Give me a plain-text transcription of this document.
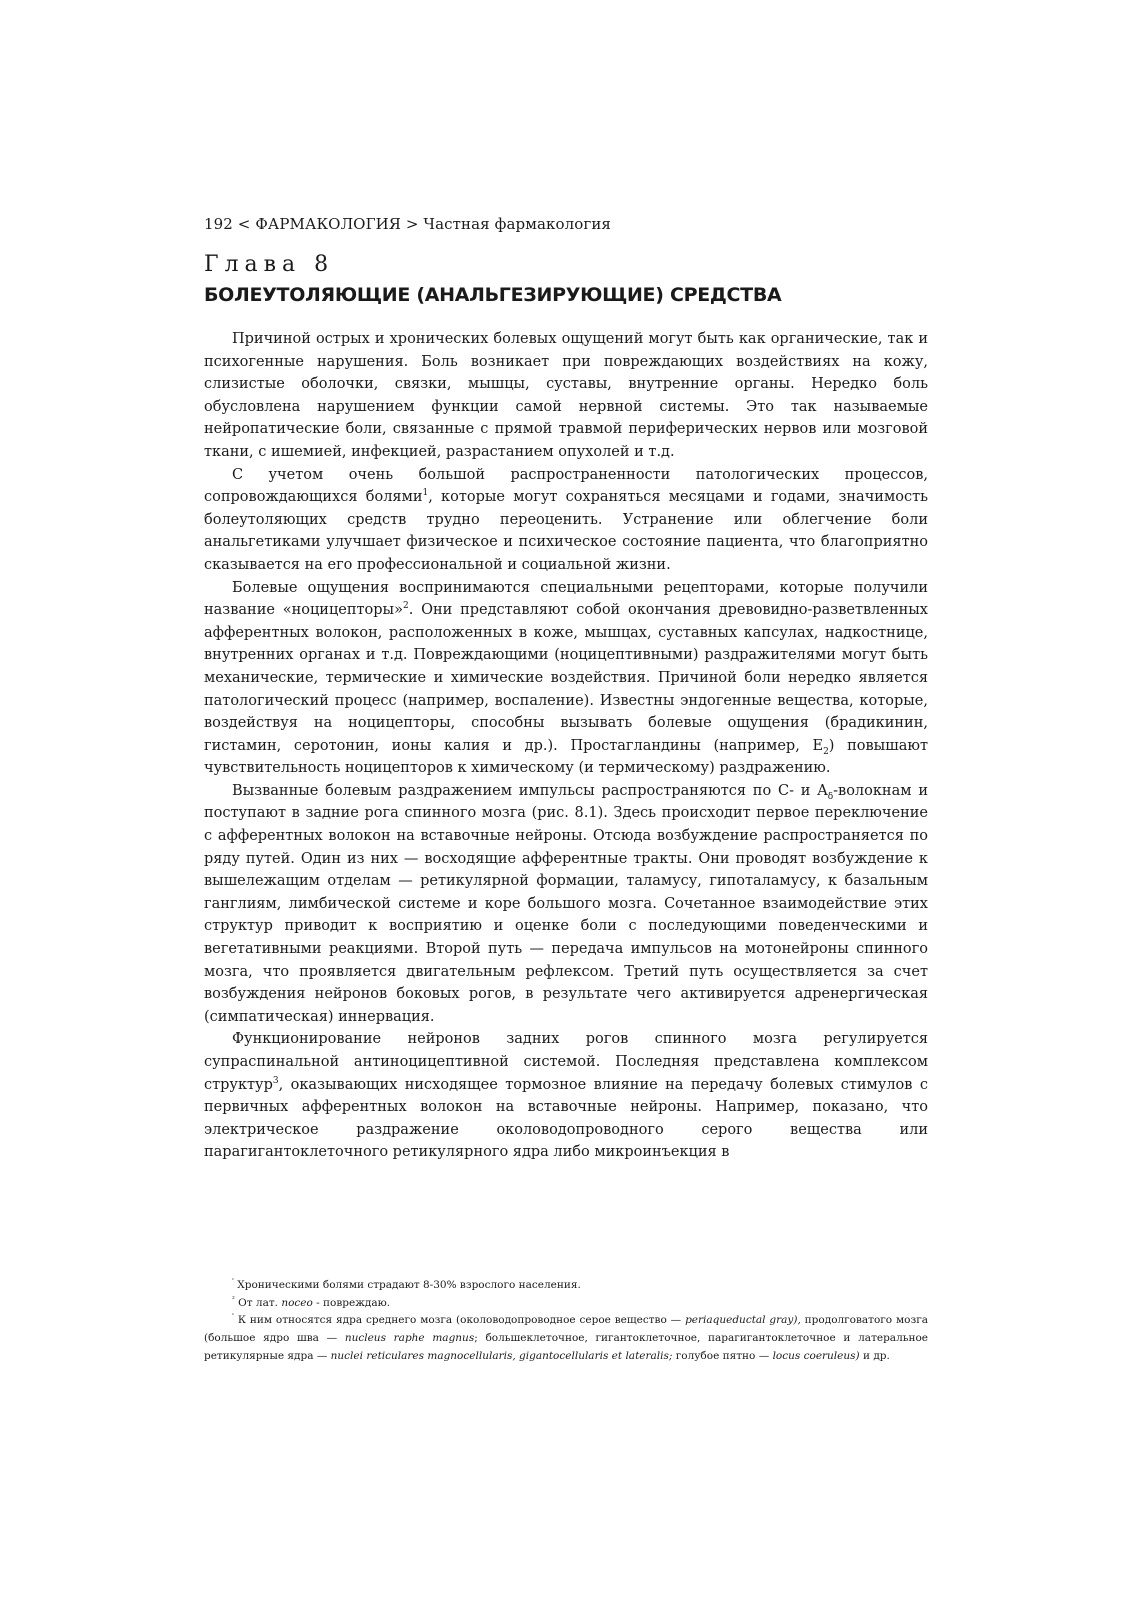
192 < ФАРМАКОЛОГИЯ > Частная фармакология
Глава 8
БОЛЕУТОЛЯЮЩИЕ (АНАЛЬГЕЗИРУЮЩИЕ) СРЕДСТВА

Причиной острых и хронических болевых ощущений могут быть как органические, так и психогенные нарушения. Боль возникает при повреждающих воздействиях на кожу, слизистые оболочки, связки, мышцы, суставы, внутренние органы. Нередко боль обусловлена нарушением функции самой нервной системы. Это так называемые нейропатические боли, связанные с прямой травмой периферических нервов или мозговой ткани, с ишемией, инфекцией, разрастанием опухолей и т.д.

С учетом очень большой распространенности патологических процессов, сопровождающихся болями$^1$, которые могут сохраняться месяцами и годами, значимость болеутоляющих средств трудно переоценить. Устранение или облегчение боли анальгетиками улучшает физическое и психическое состояние пациента, что благоприятно сказывается на его профессиональной и социальной жизни.

Болевые ощущения воспринимаются специальными рецепторами, которые получили название «ноцицепторы»$^2$. Они представляют собой окончания древовидно-разветвленных афферентных волокон, расположенных в коже, мышцах, суставных капсулах, надкостнице, внутренних органах и т.д. Повреждающими (ноцицептивными) раздражителями могут быть механические, термические и химические воздействия. Причиной боли нередко является патологический процесс (например, воспаление). Известны эндогенные вещества, которые, воздействуя на ноцицепторы, способны вызывать болевые ощущения (брадикинин, гистамин, серотонин, ионы калия и др.). Простагландины (например, $E_2$) повышают чувствительность ноцицепторов к химическому (и термическому) раздражению.

Вызванные болевым раздражением импульсы распространяются по С- и $A_\delta$-волокнам и поступают в задние рога спинного мозга (рис. 8.1). Здесь происходит первое переключение с афферентных волокон на вставочные нейроны. Отсюда возбуждение распространяется по ряду путей. Один из них — восходящие афферентные тракты. Они проводят возбуждение к вышележащим отделам — ретикулярной формации, таламусу, гипоталамусу, к базальным ганглиям, лимбической системе и коре большого мозга. Сочетанное взаимодействие этих структур приводит к восприятию и оценке боли с последующими поведенческими и вегетативными реакциями. Второй путь — передача импульсов на мотонейроны спинного мозга, что проявляется двигательным рефлексом. Третий путь осуществляется за счет возбуждения нейронов боковых рогов, в результате чего активируется адренергическая (симпатическая) иннервация.

Функционирование нейронов задних рогов спинного мозга регулируется супраспинальной антиноцицептивной системой. Последняя представлена комплексом структур$^3$, оказывающих нисходящее тормозное влияние на передачу болевых стимулов с первичных афферентных волокон на вставочные нейроны. Например, показано, что электрическое раздражение околоводопроводного серого вещества или парагигантоклеточного ретикулярного ядра либо микроинъекция в

' Хроническими болями страдают 8-30% взрослого населения.

$^{^2}$ От лат. noceo - повреждаю.

' К ним относятся ядра среднего мозга (околоводопроводное серое вещество — periaqueductal gray), продолговатого мозга (большое ядро шва — nucleus raphe magnus; большеклеточное, гигантоклеточное, парагигантоклеточное и латеральное ретикулярные ядра — nuclei reticulares magnocellularis, gigantocellularis et lateralis; голубое пятно — locus coeruleus) и др.
